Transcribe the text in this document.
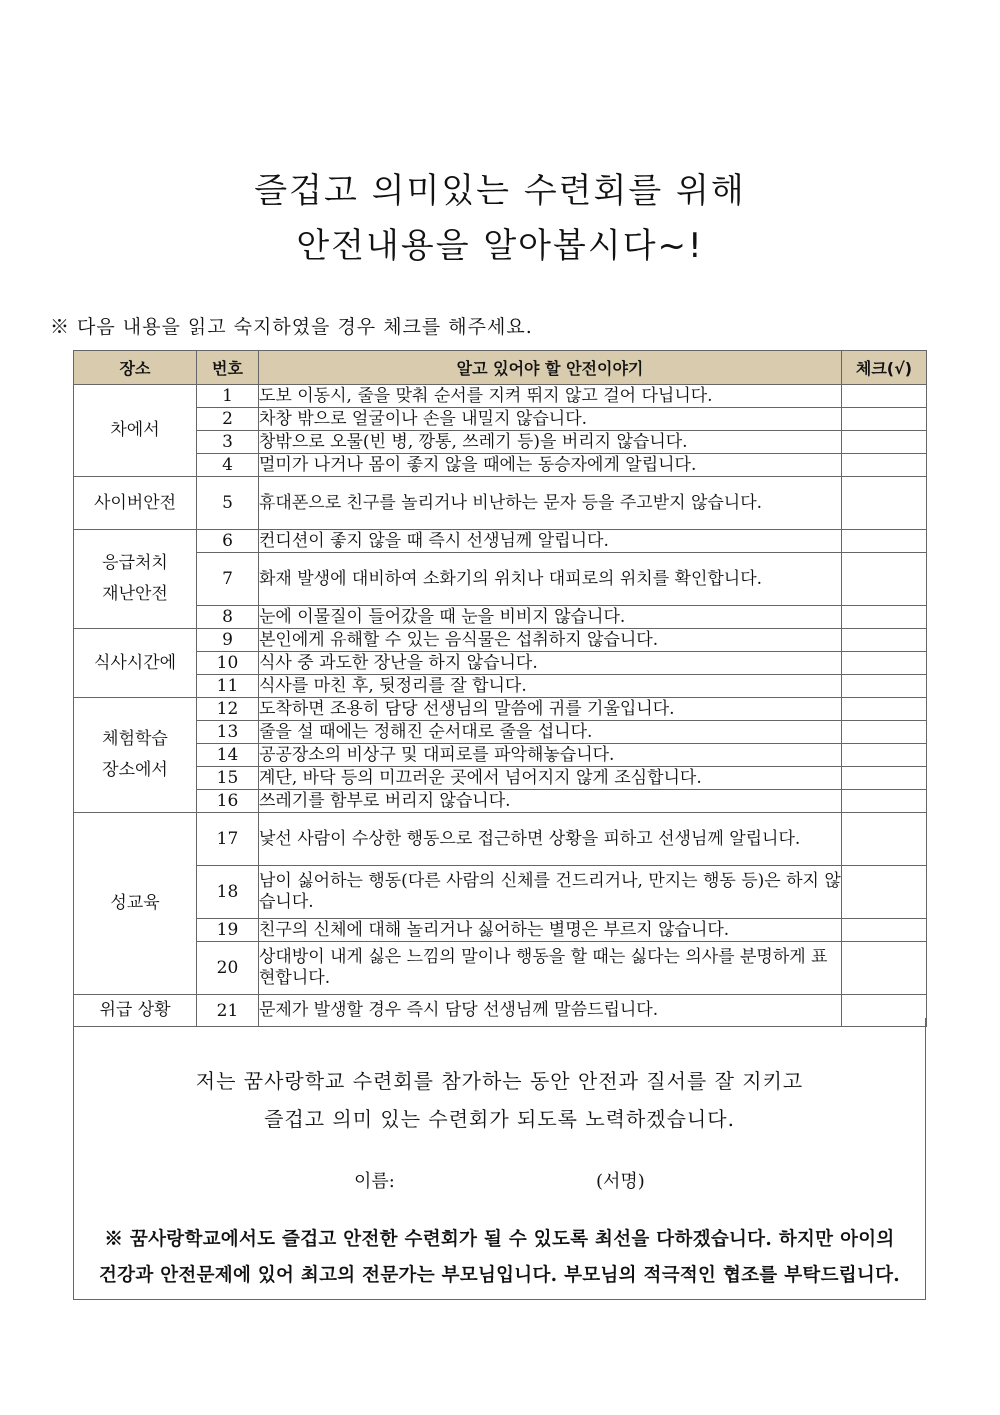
즐겁고 의미있는 수련회를 위해
안전내용을 알아봅시다~!
※ 다음 내용을 읽고 숙지하였을 경우 체크를 해주세요.
장소	번호	알고 있어야 할 안전이야기	체크(√)
차에서	1	도보 이동시, 줄을 맞춰 순서를 지켜 뛰지 않고 걸어 다닙니다.	
	2	차창 밖으로 얼굴이나 손을 내밀지 않습니다.	
	3	창밖으로 오물(빈 병, 깡통, 쓰레기 등)을 버리지 않습니다.	
	4	멀미가 나거나 몸이 좋지 않을 때에는 동승자에게 알립니다.	
사이버안전	5	휴대폰으로 친구를 놀리거나 비난하는 문자 등을 주고받지 않습니다.	
응급처치 재난안전	6	컨디션이 좋지 않을 때 즉시 선생님께 알립니다.	
	7	화재 발생에 대비하여 소화기의 위치나 대피로의 위치를 확인합니다.	
	8	눈에 이물질이 들어갔을 때 눈을 비비지 않습니다.	
식사시간에	9	본인에게 유해할 수 있는 음식물은 섭취하지 않습니다.	
	10	식사 중 과도한 장난을 하지 않습니다.	
	11	식사를 마친 후, 뒷정리를 잘 합니다.	
체험학습 장소에서	12	도착하면 조용히 담당 선생님의 말씀에 귀를 기울입니다.	
	13	줄을 설 때에는 정해진 순서대로 줄을 섭니다.	
	14	공공장소의 비상구 및 대피로를 파악해놓습니다.	
	15	계단, 바닥 등의 미끄러운 곳에서 넘어지지 않게 조심합니다.	
	16	쓰레기를 함부로 버리지 않습니다.	
성교육	17	낯선 사람이 수상한 행동으로 접근하면 상황을 피하고 선생님께 알립니다.	
	18	남이 싫어하는 행동(다른 사람의 신체를 건드리거나, 만지는 행동 등)은 하지 않습니다.	
	19	친구의 신체에 대해 놀리거나 싫어하는 별명은 부르지 않습니다.	
	20	상대방이 내게 싫은 느낌의 말이나 행동을 할 때는 싫다는 의사를 분명하게 표현합니다.	
위급 상황	21	문제가 발생할 경우 즉시 담당 선생님께 말씀드립니다.	
저는 꿈사랑학교 수련회를 참가하는 동안 안전과 질서를 잘 지키고
즐겁고 의미 있는 수련회가 되도록 노력하겠습니다.
이름:	(서명)
※ 꿈사랑학교에서도 즐겁고 안전한 수련회가 될 수 있도록 최선을 다하겠습니다. 하지만 아이의
건강과 안전문제에 있어 최고의 전문가는 부모님입니다. 부모님의 적극적인 협조를 부탁드립니다.
